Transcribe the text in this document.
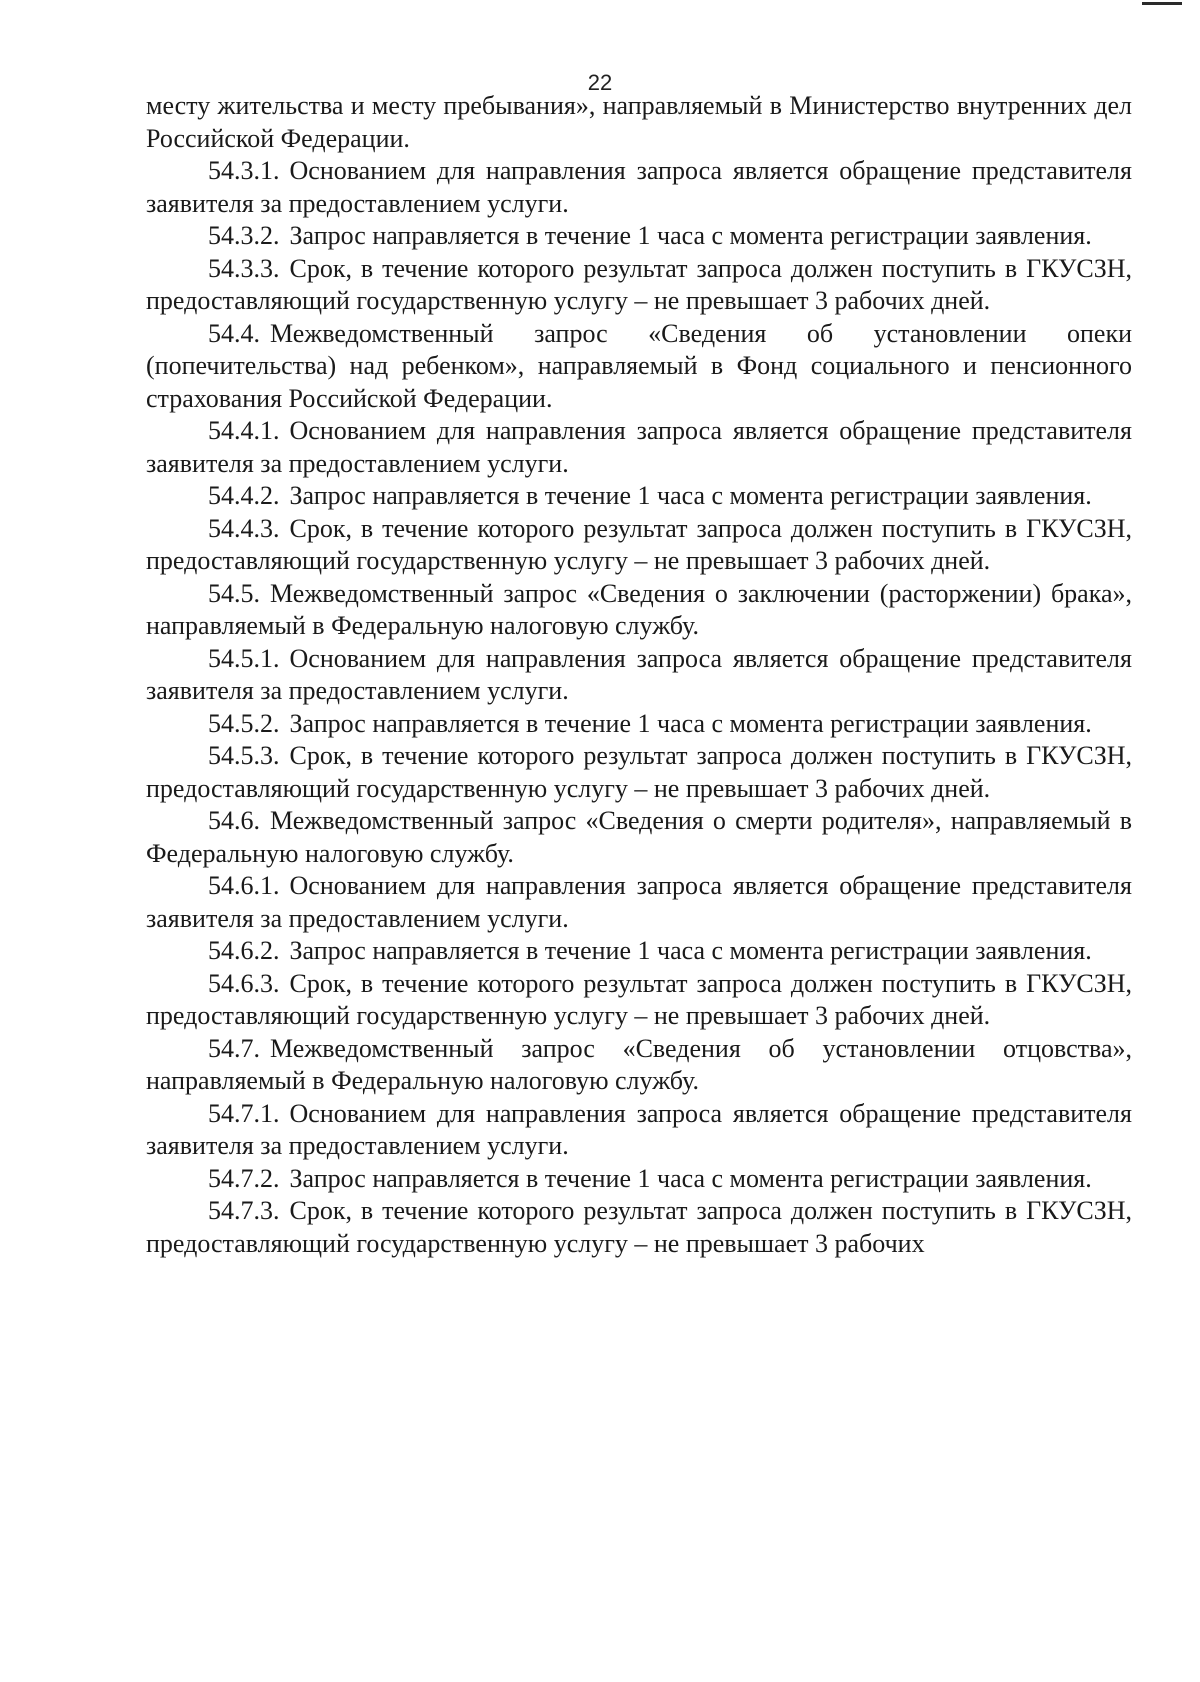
22

месту жительства и месту пребывания», направляемый в Министерство внутренних дел Российской Федерации.

54.3.1. Основанием для направления запроса является обращение представителя заявителя за предоставлением услуги.

54.3.2. Запрос направляется в течение 1 часа с момента регистрации заявления.

54.3.3. Срок, в течение которого результат запроса должен поступить в ГКУСЗН, предоставляющий государственную услугу – не превышает 3 рабочих дней.

54.4. Межведомственный запрос «Сведения об установлении опеки (попечительства) над ребенком», направляемый в Фонд социального и пенсионного страхования Российской Федерации.

54.4.1. Основанием для направления запроса является обращение представителя заявителя за предоставлением услуги.

54.4.2. Запрос направляется в течение 1 часа с момента регистрации заявления.

54.4.3. Срок, в течение которого результат запроса должен поступить в ГКУСЗН, предоставляющий государственную услугу – не превышает 3 рабочих дней.

54.5. Межведомственный запрос «Сведения о заключении (расторжении) брака», направляемый в Федеральную налоговую службу.

54.5.1. Основанием для направления запроса является обращение представителя заявителя за предоставлением услуги.

54.5.2. Запрос направляется в течение 1 часа с момента регистрации заявления.

54.5.3. Срок, в течение которого результат запроса должен поступить в ГКУСЗН, предоставляющий государственную услугу – не превышает 3 рабочих дней.

54.6. Межведомственный запрос «Сведения о смерти родителя», направляемый в Федеральную налоговую службу.

54.6.1. Основанием для направления запроса является обращение представителя заявителя за предоставлением услуги.

54.6.2. Запрос направляется в течение 1 часа с момента регистрации заявления.

54.6.3. Срок, в течение которого результат запроса должен поступить в ГКУСЗН, предоставляющий государственную услугу – не превышает 3 рабочих дней.

54.7. Межведомственный запрос «Сведения об установлении отцовства», направляемый в Федеральную налоговую службу.

54.7.1. Основанием для направления запроса является обращение представителя заявителя за предоставлением услуги.

54.7.2. Запрос направляется в течение 1 часа с момента регистрации заявления.

54.7.3. Срок, в течение которого результат запроса должен поступить в ГКУСЗН, предоставляющий государственную услугу – не превышает 3 рабочих
